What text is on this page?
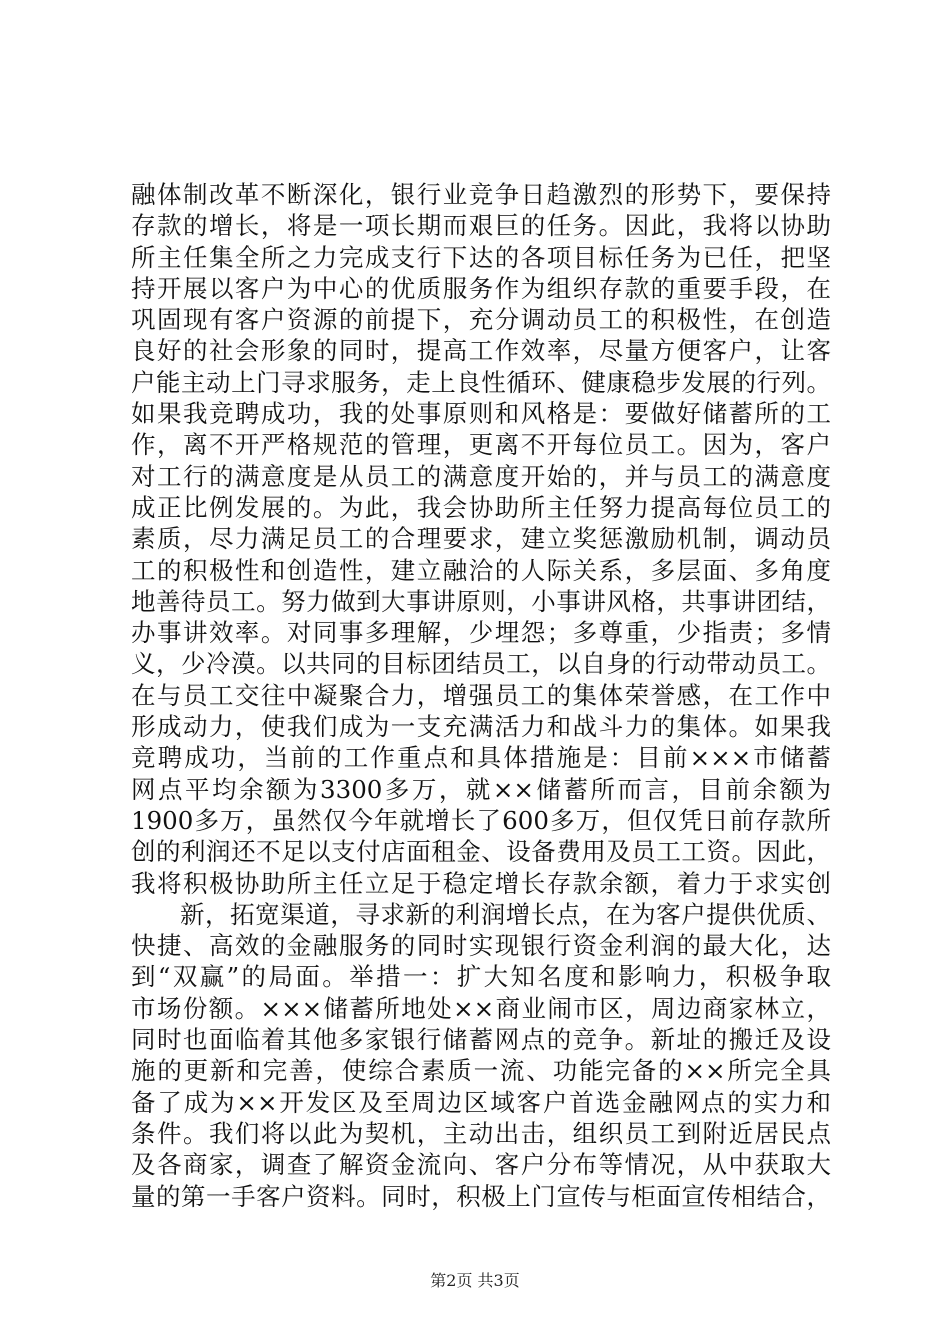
融体制改革不断深化，银行业竞争日趋激烈的形势下，要保持
存款的增长，将是一项长期而艰巨的任务。因此，我将以协助
所主任集全所之力完成支行下达的各项目标任务为已任，把坚
持开展以客户为中心的优质服务作为组织存款的重要手段，在
巩固现有客户资源的前提下，充分调动员工的积极性，在创造
良好的社会形象的同时，提高工作效率，尽量方便客户，让客
户能主动上门寻求服务，走上良性循环、健康稳步发展的行列。
如果我竞聘成功，我的处事原则和风格是：要做好储蓄所的工
作，离不开严格规范的管理，更离不开每位员工。因为，客户
对工行的满意度是从员工的满意度开始的，并与员工的满意度
成正比例发展的。为此，我会协助所主任努力提高每位员工的
素质，尽力满足员工的合理要求，建立奖惩激励机制，调动员
工的积极性和创造性，建立融洽的人际关系，多层面、多角度
地善待员工。努力做到大事讲原则，小事讲风格，共事讲团结，
办事讲效率。对同事多理解，少埋怨；多尊重，少指责；多情
义，少冷漠。以共同的目标团结员工，以自身的行动带动员工。
在与员工交往中凝聚合力，增强员工的集体荣誉感，在工作中
形成动力，使我们成为一支充满活力和战斗力的集体。如果我
竞聘成功，当前的工作重点和具体措施是：目前×××市储蓄
网点平均余额为3300多万，就××储蓄所而言，目前余额为
1900多万，虽然仅今年就增长了600多万，但仅凭日前存款所
创的利润还不足以支付店面租金、设备费用及员工工资。因此，
我将积极协助所主任立足于稳定增长存款余额，着力于求实创
新，拓宽渠道，寻求新的利润增长点，在为客户提供优质、
快捷、高效的金融服务的同时实现银行资金利润的最大化，达
到“双赢”的局面。举措一：扩大知名度和影响力，积极争取
市场份额。×××储蓄所地处××商业闹市区，周边商家林立，
同时也面临着其他多家银行储蓄网点的竞争。新址的搬迁及设
施的更新和完善，使综合素质一流、功能完备的××所完全具
备了成为××开发区及至周边区域客户首选金融网点的实力和
条件。我们将以此为契机，主动出击，组织员工到附近居民点
及各商家，调查了解资金流向、客户分布等情况，从中获取大
量的第一手客户资料。同时，积极上门宣传与柜面宣传相结合，
第2页 共3页
